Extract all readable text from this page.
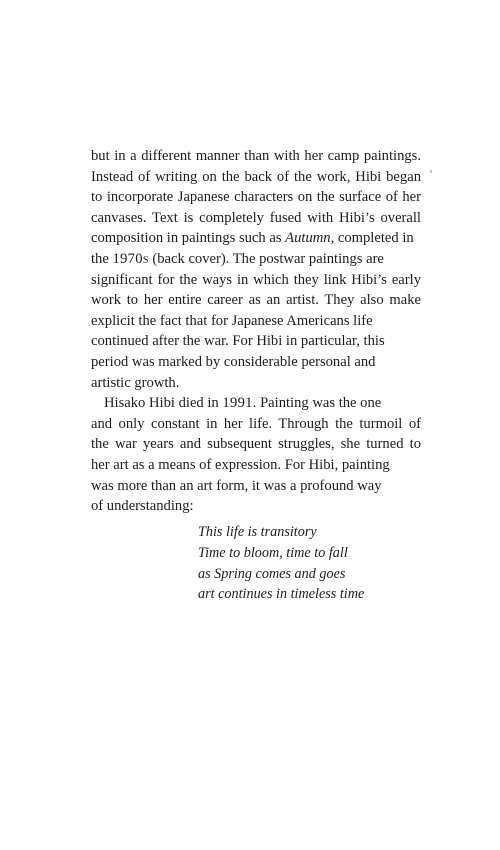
but in a different manner than with her camp paintings.
Instead of writing on the back of the work, Hibi began
to incorporate Japanese characters on the surface of her
canvases. Text is completely fused with Hibi’s overall
composition in paintings such as Autumn, completed in
the 1970s (back cover). The postwar paintings are
significant for the ways in which they link Hibi’s early
work to her entire career as an artist. They also make
explicit the fact that for Japanese Americans life
continued after the war. For Hibi in particular, this
period was marked by considerable personal and
artistic growth.
Hisako Hibi died in 1991. Painting was the one
and only constant in her life. Through the turmoil of
the war years and subsequent struggles, she turned to
her art as a means of expression. For Hibi, painting
was more than an art form, it was a profound way
of understanding:
This life is transitory
Time to bloom, time to fall
as Spring comes and goes
art continues in timeless time
